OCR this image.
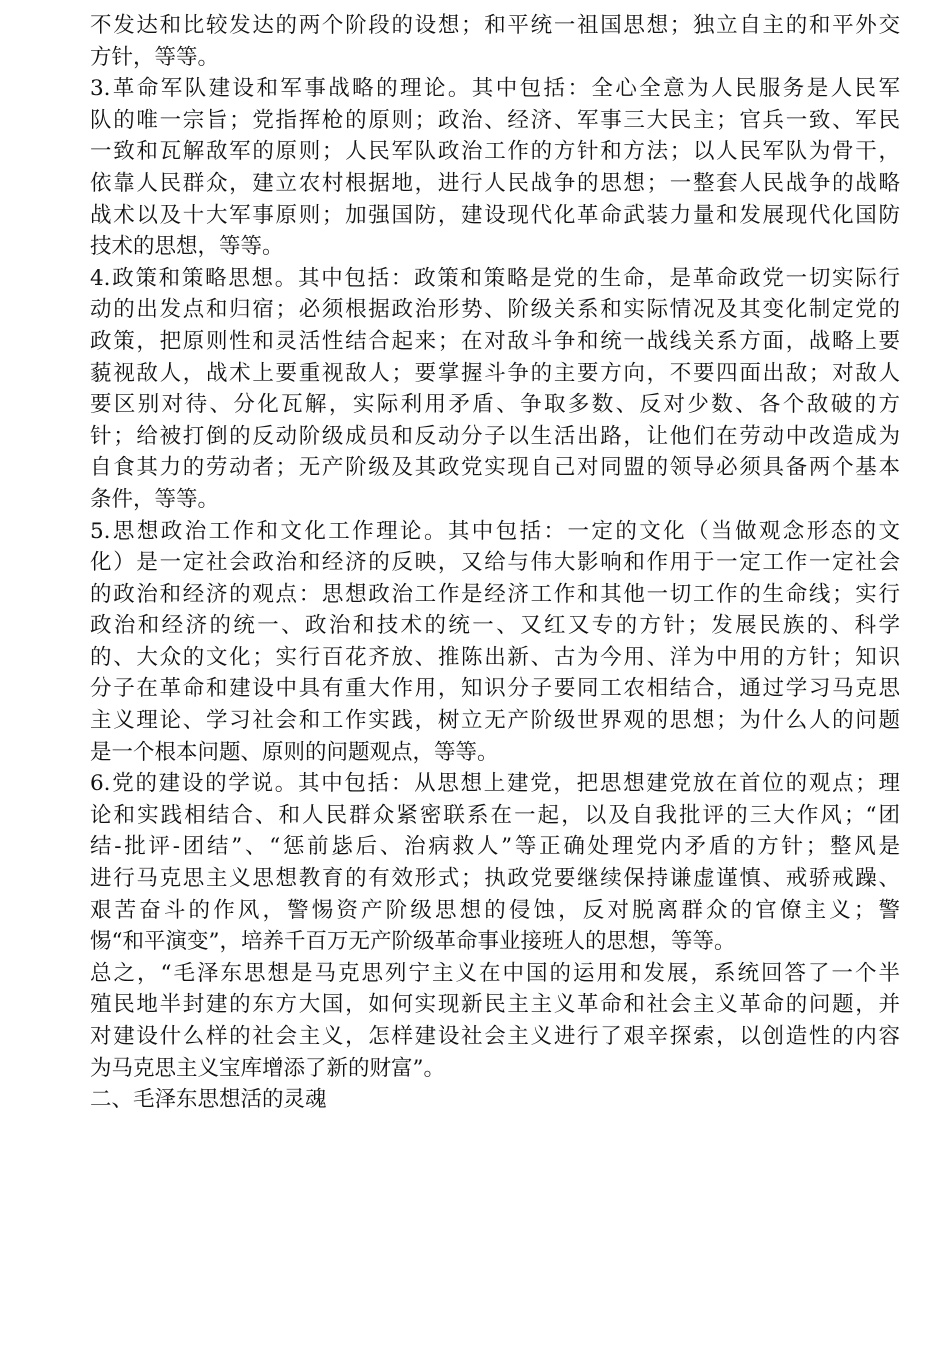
不发达和比较发达的两个阶段的设想；和平统一祖国思想；独立自主的和平外交
方针，等等。
3.革命军队建设和军事战略的理论。其中包括：全心全意为人民服务是人民军
队的唯一宗旨；党指挥枪的原则；政治、经济、军事三大民主；官兵一致、军民
一致和瓦解敌军的原则；人民军队政治工作的方针和方法；以人民军队为骨干，
依靠人民群众，建立农村根据地，进行人民战争的思想；一整套人民战争的战略
战术以及十大军事原则；加强国防，建设现代化革命武装力量和发展现代化国防
技术的思想，等等。
4.政策和策略思想。其中包括：政策和策略是党的生命，是革命政党一切实际行
动的出发点和归宿；必须根据政治形势、阶级关系和实际情况及其变化制定党的
政策，把原则性和灵活性结合起来；在对敌斗争和统一战线关系方面，战略上要
藐视敌人，战术上要重视敌人；要掌握斗争的主要方向，不要四面出敌；对敌人
要区别对待、分化瓦解，实际利用矛盾、争取多数、反对少数、各个敌破的方
针；给被打倒的反动阶级成员和反动分子以生活出路，让他们在劳动中改造成为
自食其力的劳动者；无产阶级及其政党实现自己对同盟的领导必须具备两个基本
条件，等等。
5.思想政治工作和文化工作理论。其中包括：一定的文化（当做观念形态的文
化）是一定社会政治和经济的反映，又给与伟大影响和作用于一定工作一定社会
的政治和经济的观点：思想政治工作是经济工作和其他一切工作的生命线；实行
政治和经济的统一、政治和技术的统一、又红又专的方针；发展民族的、科学
的、大众的文化；实行百花齐放、推陈出新、古为今用、洋为中用的方针；知识
分子在革命和建设中具有重大作用，知识分子要同工农相结合，通过学习马克思
主义理论、学习社会和工作实践，树立无产阶级世界观的思想；为什么人的问题
是一个根本问题、原则的问题观点，等等。
6.党的建设的学说。其中包括：从思想上建党，把思想建党放在首位的观点；理
论和实践相结合、和人民群众紧密联系在一起，以及自我批评的三大作风；“团
结-批评-团结”、“惩前毖后、治病救人”等正确处理党内矛盾的方针；整风是
进行马克思主义思想教育的有效形式；执政党要继续保持谦虚谨慎、戒骄戒躁、
艰苦奋斗的作风，警惕资产阶级思想的侵蚀，反对脱离群众的官僚主义；警
惕“和平演变”，培养千百万无产阶级革命事业接班人的思想，等等。
总之，“毛泽东思想是马克思列宁主义在中国的运用和发展，系统回答了一个半
殖民地半封建的东方大国，如何实现新民主主义革命和社会主义革命的问题，并
对建设什么样的社会主义，怎样建设社会主义进行了艰辛探索，以创造性的内容
为马克思主义宝库增添了新的财富”。
二、毛泽东思想活的灵魂
